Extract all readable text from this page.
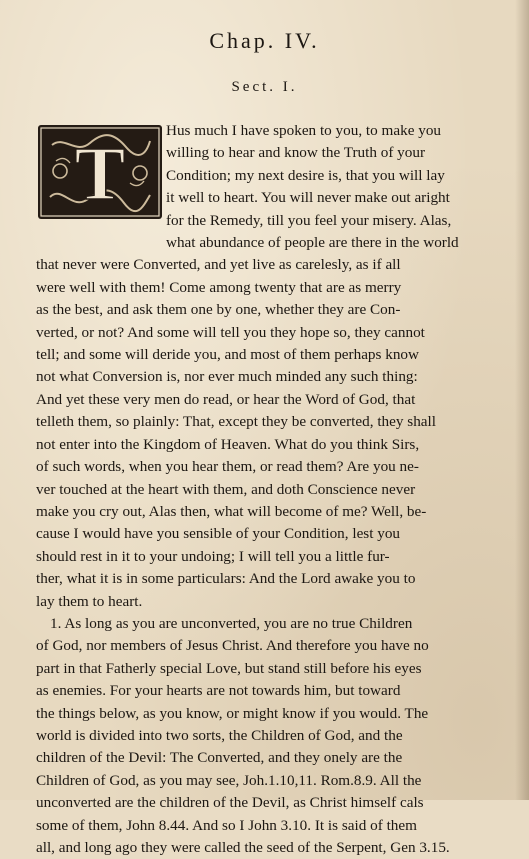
Chap. IV.
Sect. I.
T
Hus much I have spoken to you, to make you
willing to hear and know the Truth of your
Condition; my next desire is, that you will lay
it well to heart. You will never make out aright
for the Remedy, till you feel your misery. Alas,
what abundance of people are there in the world
that never were Converted, and yet live as carelesly, as if all
were well with them! Come among twenty that are as merry
as the best, and ask them one by one, whether they are Con-
verted, or not? And some will tell you they hope so, they cannot
tell; and some will deride you, and most of them perhaps know
not what Conversion is, nor ever much minded any such thing:
And yet these very men do read, or hear the Word of God, that
telleth them, so plainly: That, except they be converted, they shall
not enter into the Kingdom of Heaven. What do you think Sirs,
of such words, when you hear them, or read them? Are you ne-
ver touched at the heart with them, and doth Conscience never
make you cry out, Alas then, what will become of me? Well, be-
cause I would have you sensible of your Condition, lest you
should rest in it to your undoing; I will tell you a little fur-
ther, what it is in some particulars: And the Lord awake you to
lay them to heart.
1. As long as you are unconverted, you are no true Children
of God, nor members of Jesus Christ. And therefore you have no
part in that Fatherly special Love, but stand still before his eyes
as enemies. For your hearts are not towards him, but toward
the things below, as you know, or might know if you would. The
world is divided into two sorts, the Children of God, and the
children of the Devil: The Converted, and they onely are the
Children of God, as you may see, Joh.1.10,11. Rom.8.9. All the
unconverted are the children of the Devil, as Christ himself cals
some of them, John 8.44. And so I John 3.10. It is said of them
all, and long ago they were called the seed of the Serpent, Gen 3.15.
